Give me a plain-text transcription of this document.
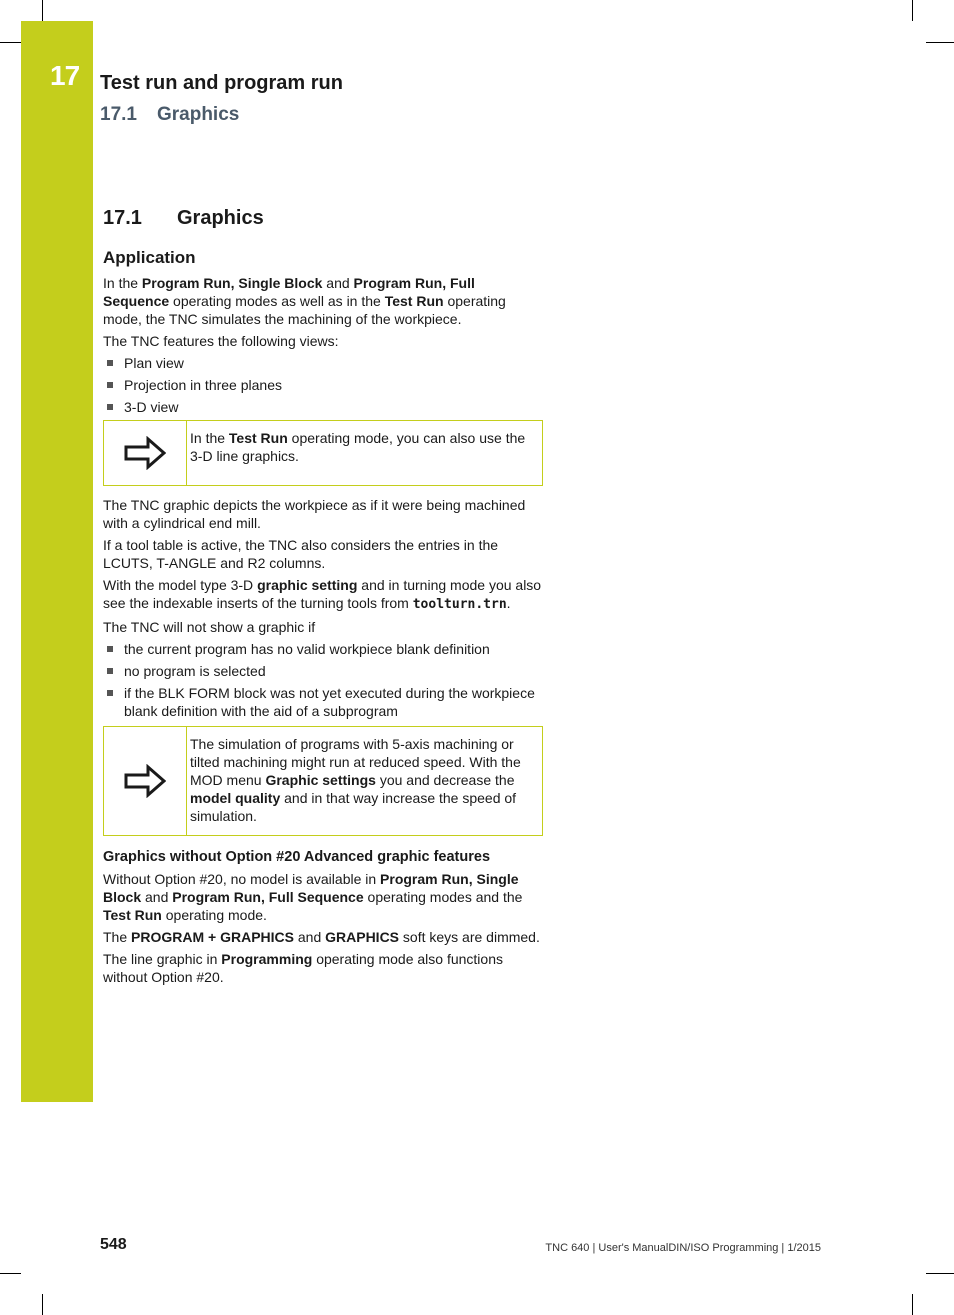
17 Test run and program run
17.1 Graphics
17.1 Graphics
Application

In the Program Run, Single Block and Program Run, Full Sequence operating modes as well as in the Test Run operating mode, the TNC simulates the machining of the workpiece.

The TNC features the following views:

Plan view
Projection in three planes
3-D view

In the Test Run operating mode, you can also use the 3-D line graphics.

The TNC graphic depicts the workpiece as if it were being machined with a cylindrical end mill.

If a tool table is active, the TNC also considers the entries in the LCUTS, T-ANGLE and R2 columns.

With the model type 3-D graphic setting and in turning mode you also see the indexable inserts of the turning tools from toolturn.trn.

The TNC will not show a graphic if

the current program has no valid workpiece blank definition
no program is selected
if the BLK FORM block was not yet executed during the workpiece blank definition with the aid of a subprogram

The simulation of programs with 5-axis machining or tilted machining might run at reduced speed. With the MOD menu Graphic settings you and decrease the model quality and in that way increase the speed of simulation.

Graphics without Option #20 Advanced graphic features

Without Option #20, no model is available in Program Run, Single Block and Program Run, Full Sequence operating modes and the Test Run operating mode.

The PROGRAM + GRAPHICS and GRAPHICS soft keys are dimmed.

The line graphic in Programming operating mode also functions without Option #20.

548	TNC 640 | User's ManualDIN/ISO Programming | 1/2015
